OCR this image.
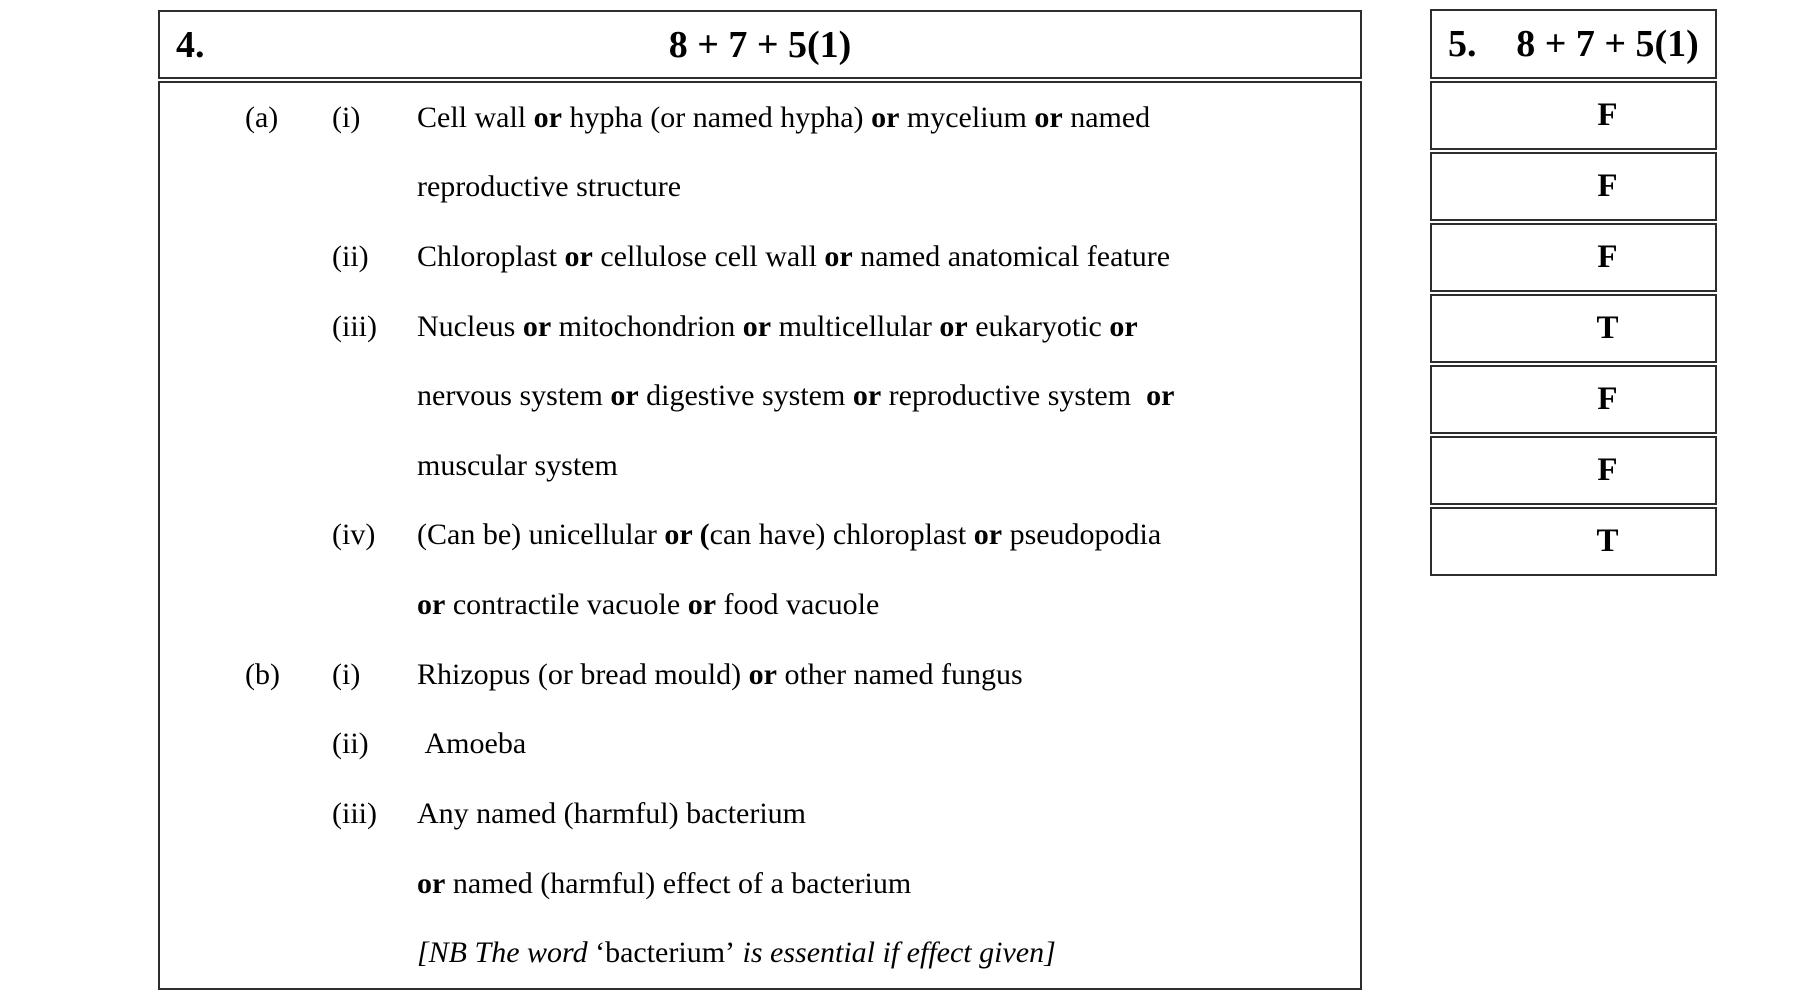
4.	8 + 7 + 5(1)
(a)	(i)	Cell wall or hypha (or named hypha) or mycelium or named
reproductive structure
(ii)	Chloroplast or cellulose cell wall or named anatomical feature
(iii)	Nucleus or mitochondrion or multicellular or eukaryotic or
nervous system or digestive system or reproductive system  or
muscular system
(iv)	(Can be) unicellular or (can have) chloroplast or pseudopodia
or contractile vacuole or food vacuole
(b)	(i)	Rhizopus (or bread mould) or other named fungus
(ii)	Amoeba
(iii)	Any named (harmful) bacterium
or named (harmful) effect of a bacterium
[NB The word ‘bacterium’ is essential if effect given]
5.	8 + 7 + 5(1)
F
F
F
T
F
F
T
